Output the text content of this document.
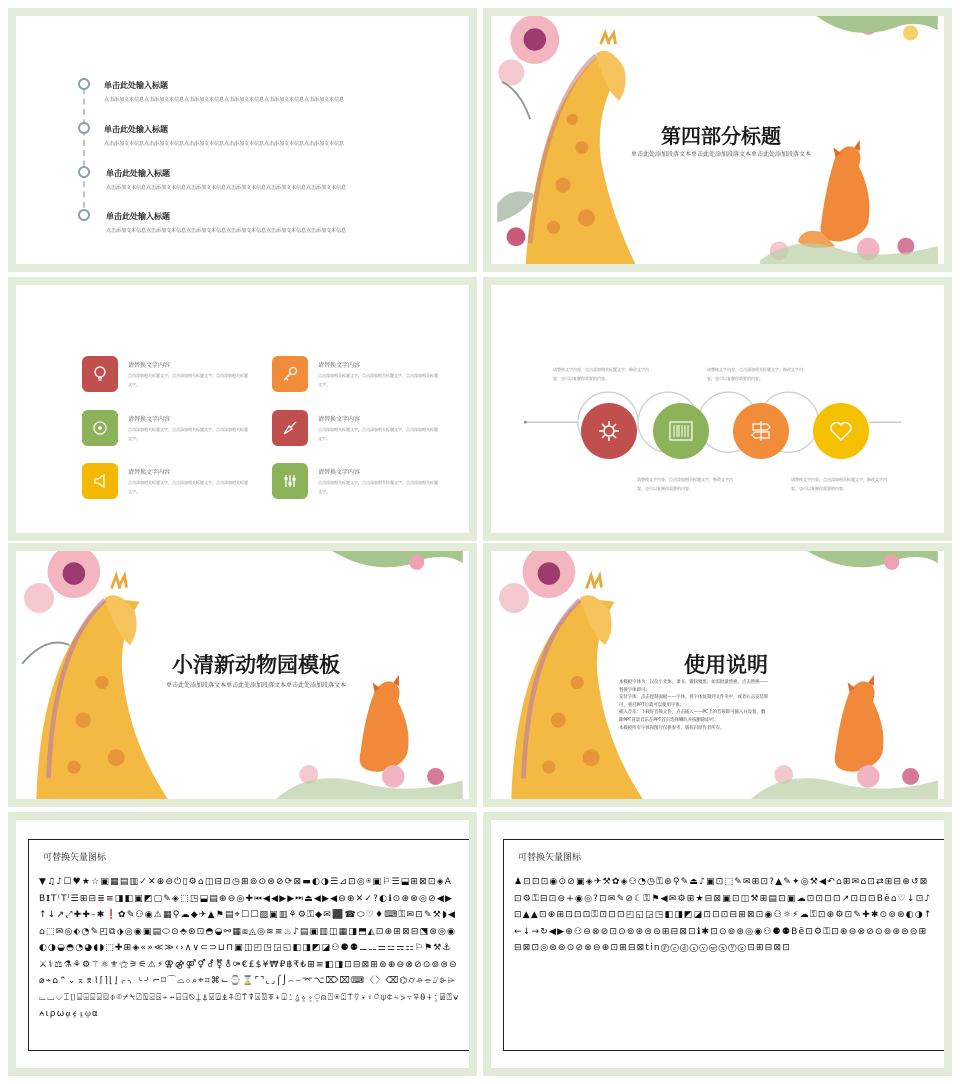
单击此处输入标题
点击添加文本信息点击添加文本信息点击添加文本信息点击添加文本信息点击添加文本信息点击添加文本信息
单击此处输入标题
点击添加文本信息点击添加文本信息点击添加文本信息点击添加文本信息点击添加文本信息点击添加文本信息
单击此处输入标题
点击添加文本信息点击添加文本信息点击添加文本信息点击添加文本信息点击添加文本信息点击添加文本信息
单击此处输入标题
点击添加文本信息点击添加文本信息点击添加文本信息点击添加文本信息点击添加文本信息点击添加文本信息
第四部分标题
单击此处添加段落文本单击此处添加段落文本单击此处添加段落文本
请替换文字内容
点击添加相关标题文字，点击添加相关标题文字，点击添加相关标题文字。
请替换文字内容
点击添加相关标题文字，点击添加相关标题文字，点击添加相关标题文字。
请替换文字内容
点击添加相关标题文字，点击添加相关标题文字，点击添加相关标题文字。
请替换文字内容
点击添加相关标题文字，点击添加相关标题文字，点击添加相关标题文字。
请替换文字内容
点击添加相关标题文字，点击添加相关标题文字，点击添加相关标题文字。
请替换文字内容
点击添加相关标题文字，点击添加相关标题文字，点击添加相关标题文字。
请替换文字内容，点击添加相关标题文字，修改文字内容，也可以复制你需要的内容。
请替换文字内容，点击添加相关标题文字，修改文字内容，也可以复制你需要的内容。
请替换文字内容，点击添加相关标题文字，修改文字内容，也可以复制你需要的内容。
请替换文字内容，点击添加相关标题文字，修改文字内容，也可以复制你需要的内容。
小清新动物园模板
单击此处添加段落文本单击此处添加段落文本单击此处添加段落文本
使用说明
本模板字体为：汉仪小麦体，隶书，微软雅黑；如需批量替换，点击替换——替换字体即可；
安装字体：点击控制面板——字体，将字体复制到文件夹中，或者右击安装即可，重启PPT后就可以使用字体；
插入音乐：下载好音频文件，点击插入——PC上的音频即可插入并设置，删除PPT背景音乐在PPT首页选择喇叭并按删除即可；
本模板所有字体和图片仅供参考，版权归原作者所有。
可替换矢量图标
▼♫♪☐♥★☆▣▦▤▥✓✕⊕⊖⏻▯⚙⌂◫⊟⊡◷⊞⊚⊙⊛⊘⟳⊠▬◐◑☰⊿⊡◎⍟▣⚐☰⬓⊞⊠⊡◈AB𝐈T⁽Tˡ☰⊞⊟≣≡◨◧▣◩▢✎◈⬚◳⬓▤⊕⊖◎✚⏮◀◀▶▶⏭⏏◀▶◀⊖⊕✕✓?◐ℹ⊙⊕⊗◎⊘◀▶↑↓↗⤢✚✚–✱❗✿✎⚇◉⚠▦⚲☁◆✈▲⚑▤⌖☐☐▨▣▥⚘⚙⚿◆✉⬛☎⬭♡♦⌨⚿✉⊡✎⚒◗◀⌂⬚✉◎⬖◔✎◰⧉⬗◎◉▣▤⬭⊙⬘⊛⊡◓◒⚯▦⧈◬◎≋≡♨♪▤▣▥◫▦◨⬒◭⊡⊕⊞⊠⊟⬔⊛◎◉◐◑◒◓◔◕◖◗⬚✚⊞◈«»≪≫‹›∧∨⊂⊃⊔⊓▣◫◰◳◲◱◧◨◩◪⚇⚈⚉⚊⚋⚌⚍⚎⚏⚐⚑⚒⚓⚔⚕⚖⚗⚘⚙⚚⚛⚜⚝⚞⚟⚠⚡⚢⚣⚤⚥⚦⚧⚨⚩€£$¥₩₽฿₹₺⊞≡◧◨⊡⊟⊠⊞⊛⊕⊖⊗⊘⊙⊚⊜⊝⌀⌁⌂⌃⌄⌅⌆⌇⌈⌉⌊⌋⌌⌍⌎⌏⌐⌑⌒⌓⌔⌕⌖⌗⌘⌙⌚⌛⌜⌝⌞⌟⌠⌡⌢⌣⌤⌥⌦⌧⌨〈〉⌫⌬⌭⌮⌯⌰⌱⌲⌳⌴⌵⌶⌷⌸⌹⌺⌻⌼⌽⌾⌿⍀⍁⍂⍃⍄⍅⍆⍇⍈⍉⍊⍋⍌⍍⍎⍏⍐⍑⍒⍓⍔⍕⍖⍗⍘⍙⍚⍛⍜⍝⍞⍟⍠⍡⍢⍣⍤⍥⍦⍧⍨⍩⍪⍫⍬⍭⍮⍯⍰⍱⍲⍳⍴⍵⍶⍷⍸⍹⍺
可替换矢量图标
♟⊡⊡⊡◉⊙⊘▣◈✈⚒✿◈⚇◔◷⚿⊛⚲✎⏏♪▣⊡⬚✎✉⊞⊡?▲✎✦◎⚒◀↶⌂⊞✉⌂⊡⇄⊞⊟⊕↺⊠⊡⚙⚿⊟⊡⊖+◉◎?⊡✉✎⊘☾⚿⚑◀✉⚙⊞★⊟⊠▣⊡◫⚒⊞▤⊡▣☁⊡⊡⊡⊡↗⊡⊡⊡Bē⌂♡↓⊡♪⊡▲▲⊡⊕⊞⊡⊡⊡⚿⊡⊡⊡◰◱◲◳◧◨◩◪⊡⊡⊡⊟⊞⊠⊡◉⚇☼⚡☁⚿⊡⊕⚙⊡✎✚✱⊙⊚⊛◐◑↑←↓→↻◀▶⊕⚇⊖⊗⊘⊡⊙⊚⊛⊜⊝⊞⊟⊠⊡ℹ✱⊡⊙⊚⊛◎◉⚇⚈⚉Bē⊡⚙⚿⊡⊕⊖⊗⊘⊙⊚⊛⊜⊝⊞⊟⊠⊡◎⊛⊚⊙⊘⊗⊖⊕⊡⊞⊟⊠tⅰnⓟⓒⓓⓢⓥⓦⓧⓨⓩ⊡⊞⊟⊠⊡
